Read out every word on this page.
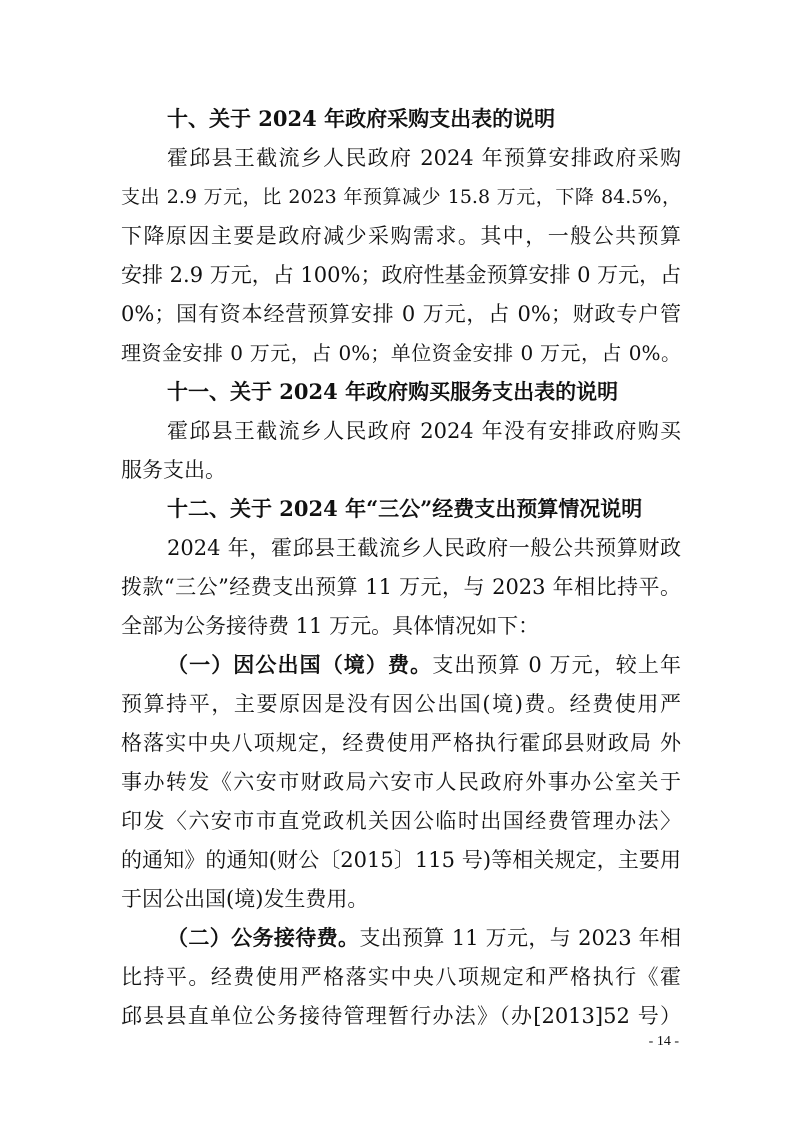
十、关于 2024 年政府采购支出表的说明
霍邱县王截流乡人民政府 2024 年预算安排政府采购
支出 2.9 万元，比 2023 年预算减少 15.8 万元，下降 84.5%，
下降原因主要是政府减少采购需求。其中，一般公共预算
安排 2.9 万元，占 100%；政府性基金预算安排 0 万元，占
0%；国有资本经营预算安排 0 万元，占 0%；财政专户管
理资金安排 0 万元，占 0%；单位资金安排 0 万元，占 0%。
十一、关于 2024 年政府购买服务支出表的说明
霍邱县王截流乡人民政府 2024 年没有安排政府购买
服务支出。
十二、关于 2024 年“三公”经费支出预算情况说明
2024 年，霍邱县王截流乡人民政府一般公共预算财政
拨款“三公”经费支出预算 11 万元，与 2023 年相比持平。
全部为公务接待费 11 万元。具体情况如下：
（一）因公出国（境）费。支出预算 0 万元，较上年
预算持平，主要原因是没有因公出国(境)费。经费使用严
格落实中央八项规定，经费使用严格执行霍邱县财政局 外
事办转发《六安市财政局六安市人民政府外事办公室关于
印发〈六安市市直党政机关因公临时出国经费管理办法〉
的通知》的通知(财公〔2015〕115 号)等相关规定，主要用
于因公出国(境)发生费用。
（二）公务接待费。支出预算 11 万元，与 2023 年相
比持平。经费使用严格落实中央八项规定和严格执行《霍
邱县县直单位公务接待管理暂行办法》（办[2013]52 号）
- 14 -
